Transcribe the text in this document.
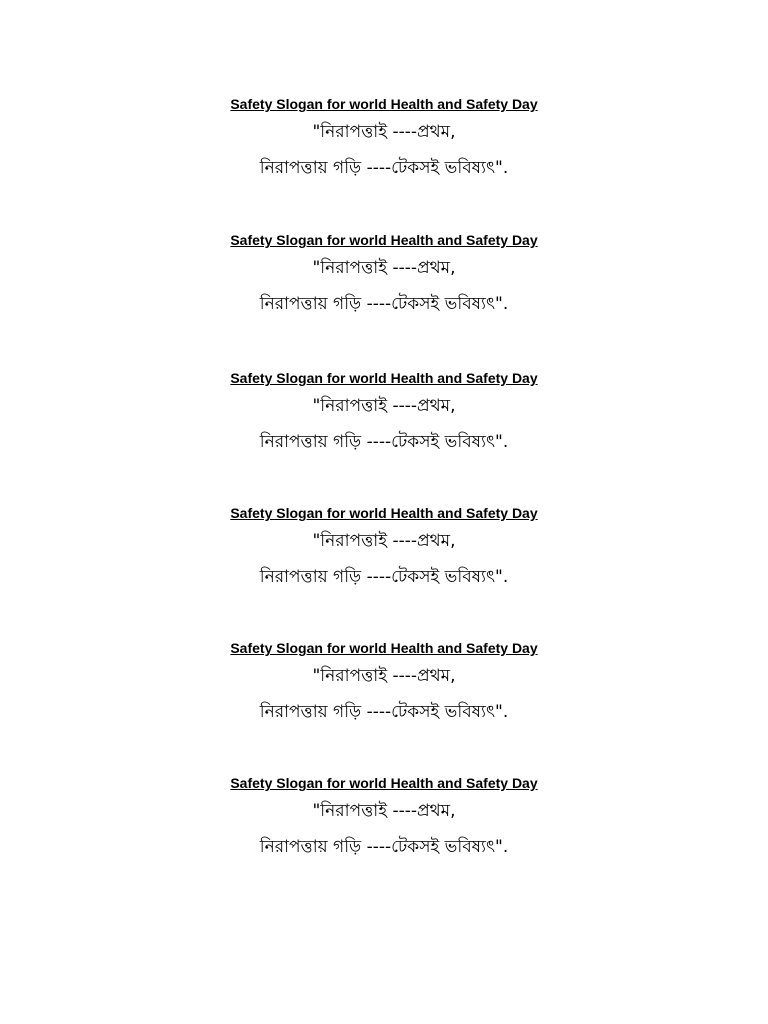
Safety Slogan for world Health and Safety Day
"নিরাপত্তাই ----প্রথম,
নিরাপত্তায় গড়ি ----টেকসই ভবিষ্যৎ".
Safety Slogan for world Health and Safety Day
"নিরাপত্তাই ----প্রথম,
নিরাপত্তায় গড়ি ----টেকসই ভবিষ্যৎ".
Safety Slogan for world Health and Safety Day
"নিরাপত্তাই ----প্রথম,
নিরাপত্তায় গড়ি ----টেকসই ভবিষ্যৎ".
Safety Slogan for world Health and Safety Day
"নিরাপত্তাই ----প্রথম,
নিরাপত্তায় গড়ি ----টেকসই ভবিষ্যৎ".
Safety Slogan for world Health and Safety Day
"নিরাপত্তাই ----প্রথম,
নিরাপত্তায় গড়ি ----টেকসই ভবিষ্যৎ".
Safety Slogan for world Health and Safety Day
"নিরাপত্তাই ----প্রথম,
নিরাপত্তায় গড়ি ----টেকসই ভবিষ্যৎ".
